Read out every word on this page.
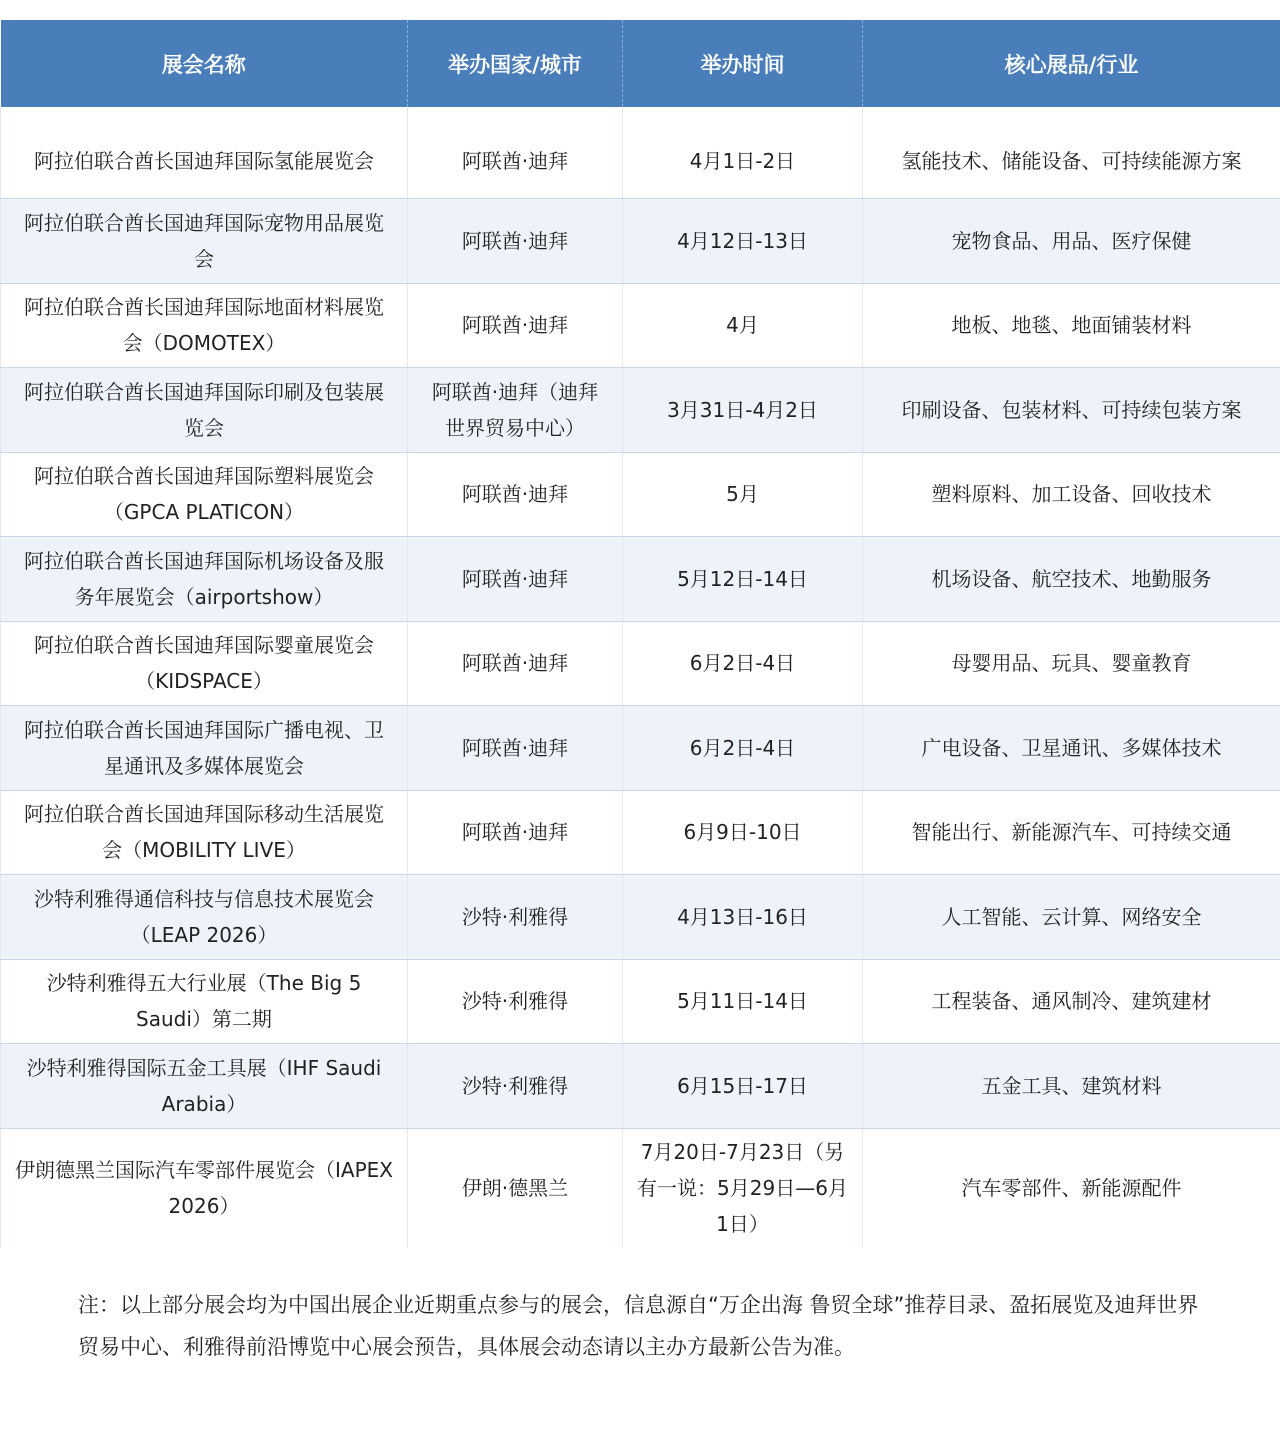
展会名称	举办国家/城市	举办时间	核心展品/行业
阿拉伯联合酋长国迪拜国际氢能展览会	阿联酋·迪拜	4月1日-2日	氢能技术、储能设备、可持续能源方案
阿拉伯联合酋长国迪拜国际宠物用品展览会	阿联酋·迪拜	4月12日-13日	宠物食品、用品、医疗保健
阿拉伯联合酋长国迪拜国际地面材料展览会（DOMOTEX）	阿联酋·迪拜	4月	地板、地毯、地面铺装材料
阿拉伯联合酋长国迪拜国际印刷及包装展览会	阿联酋·迪拜（迪拜世界贸易中心）	3月31日-4月2日	印刷设备、包装材料、可持续包装方案
阿拉伯联合酋长国迪拜国际塑料展览会（GPCA PLATICON）	阿联酋·迪拜	5月	塑料原料、加工设备、回收技术
阿拉伯联合酋长国迪拜国际机场设备及服务年展览会（airportshow）	阿联酋·迪拜	5月12日-14日	机场设备、航空技术、地勤服务
阿拉伯联合酋长国迪拜国际婴童展览会（KIDSPACE）	阿联酋·迪拜	6月2日-4日	母婴用品、玩具、婴童教育
阿拉伯联合酋长国迪拜国际广播电视、卫星通讯及多媒体展览会	阿联酋·迪拜	6月2日-4日	广电设备、卫星通讯、多媒体技术
阿拉伯联合酋长国迪拜国际移动生活展览会（MOBILITY LIVE）	阿联酋·迪拜	6月9日-10日	智能出行、新能源汽车、可持续交通
沙特利雅得通信科技与信息技术展览会（LEAP 2026）	沙特·利雅得	4月13日-16日	人工智能、云计算、网络安全
沙特利雅得五大行业展（The Big 5 Saudi）第二期	沙特·利雅得	5月11日-14日	工程装备、通风制冷、建筑建材
沙特利雅得国际五金工具展（IHF Saudi Arabia）	沙特·利雅得	6月15日-17日	五金工具、建筑材料
伊朗德黑兰国际汽车零部件展览会（IAPEX 2026）	伊朗·德黑兰	7月20日-7月23日（另有一说：5月29日—6月1日）	汽车零部件、新能源配件
注：以上部分展会均为中国出展企业近期重点参与的展会，信息源自“万企出海 鲁贸全球”推荐目录、盈拓展览及迪拜世界贸易中心、利雅得前沿博览中心展会预告，具体展会动态请以主办方最新公告为准。
